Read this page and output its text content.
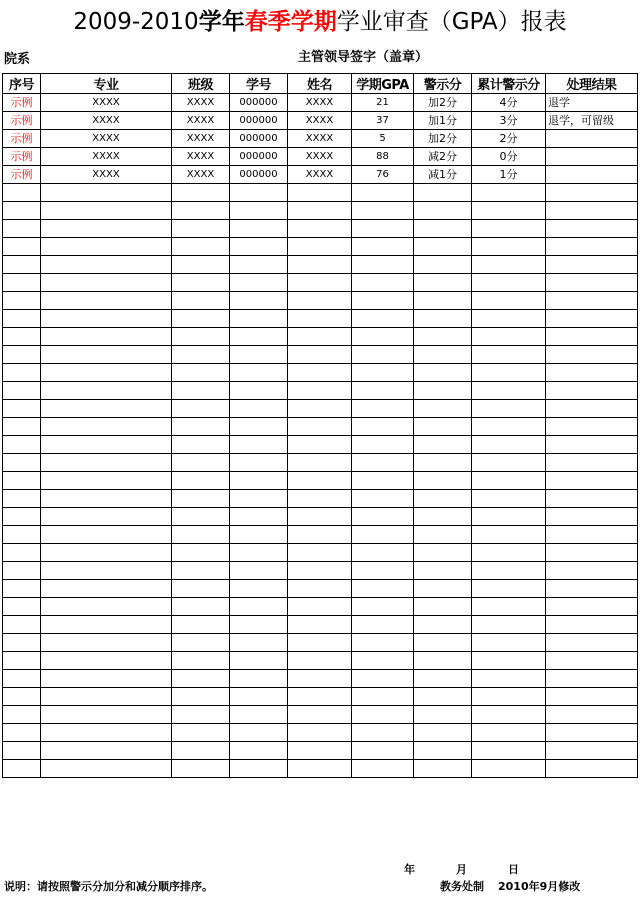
2009-2010学年春季学期学业审查（GPA）报表
院系	主管领导签字（盖章）
序号	专业	班级	学号	姓名	学期GPA	警示分	累计警示分	处理结果
示例	XXXX	XXXX	000000	XXXX	21	加2分	4分	退学
示例	XXXX	XXXX	000000	XXXX	37	加1分	3分	退学，可留级
示例	XXXX	XXXX	000000	XXXX	5	加2分	2分	
示例	XXXX	XXXX	000000	XXXX	88	减2分	0分	
示例	XXXX	XXXX	000000	XXXX	76	减1分	1分	

年	月	日
说明：请按照警示分加分和减分顺序排序。	教务处制 2010年9月修改
